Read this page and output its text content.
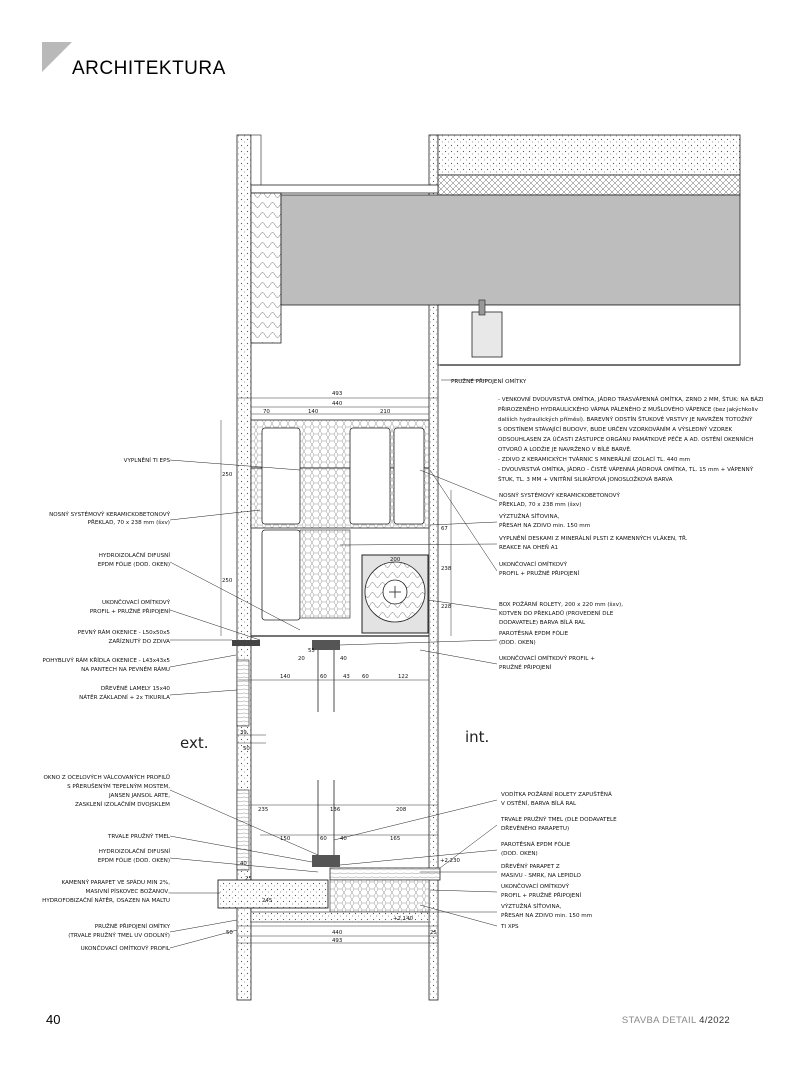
ARCHITEKTURA
ext.	int.
493
440
70	140	210
250
250
67
238
200
228
20
55
40
140	60	43 60	122
39
50
235	136	208
150	60 40	165
+2,230
+2,140
245
40
25
50	440
493
25
VYPLNĚNÍ TI EPS
NOSNÝ SYSTÉMOVÝ KERAMICKOBETONOVÝ
PŘEKLAD, 70 x 238 mm (šxv)
HYDROIZOLAČNÍ DIFUSNÍ
EPDM FÓLIE (DOD. OKEN)
UKONČOVACÍ OMÍTKOVÝ
PROFIL + PRUŽNÉ PŘIPOJENÍ
PEVNÝ RÁM OKENICE - L50x50x5
ZAŘÍZNUTÝ DO ZDIVA
POHYBLIVÝ RÁM KŘÍDLA OKENICE - L43x43x5
NA PANTECH NA PEVNÉM RÁMU
DŘEVĚNÉ LAMELY 15x40
NÁTĚR ZÁKLADNÍ + 2x TIKURILA
OKNO Z OCELOVÝCH VÁLCOVANÝCH PROFILŮ
S PŘERUŠENÝM TEPELNÝM MOSTEM,
JANSEN JANSOL ARTE,
ZASKLENÍ IZOLAČNÍM DVOJSKLEM
TRVALE PRUŽNÝ TMEL
HYDROIZOLAČNÍ DIFUSNÍ
EPDM FÓLIE (DOD. OKEN)
KAMENNÝ PARAPET VE SPÁDU MIN 2%,
MASIVNÍ PÍSKOVEC BOŽANOV,
HYDROFOBIZAČNÍ NÁTĚR, OSAZEN NA MALTU
PRUŽNÉ PŘIPOJENÍ OMÍTKY
(TRVALE PRUŽNÝ TMEL UV ODOLNÝ)
UKONČOVACÍ OMÍTKOVÝ PROFIL
PRUŽNÉ PŘIPOJENÍ OMÍTKY
- VENKOVNÍ DVOUVRSTVÁ OMÍTKA, JÁDRO TRASVÁPENNÁ OMÍTKA, ZRNO 2 MM, ŠTUK: NA BÁZI
PŘIROZENĚHO HYDRAULICKÉHO VÁPNA PÁLENÉHO Z MUŠLOVÉHO VÁPENCE (bez jakýchkoliv
dalších hydraulických příměsí). BAREVNÝ ODSTÍN ŠTUKOVÉ VRSTVY JE NAVRŽEN TOTOŽNÝ
S ODSTÍNEM STÁVAJÍCÍ BUDOVY, BUDE URČEN VZORKOVÁNÍM A VÝSLEDNÝ VZOREK
ODSOUHLASEN ZA ÚČASTI ZÁSTUPCE ORGÁNU PAMÁTKOVÉ PÉČE A AD. OSTĚNÍ OKENNÍCH
OTVORŮ A LODŽIE JE NAVRŽENO V BÍLÉ BARVĚ.
- ZDIVO Z KERAMICKÝCH TVÁRNIC S MINERÁLNÍ IZOLACÍ TL. 440 mm
- DVOUVRSTVÁ OMÍTKA, JÁDRO - ČISTĚ VÁPENNÁ JÁDROVÁ OMÍTKA, TL. 15 mm + VÁPENNÝ
ŠTUK, TL. 3 MM + VNITŘNÍ SILIKÁTOVÁ JONOSLOŽKOVÁ BARVA
NOSNÝ SYSTÉMOVÝ KERAMICKOBETONOVÝ
PŘEKLAD, 70 x 238 mm (šxv)
VÝZTUŽNÁ SÍŤOVINA,
PŘESAH NA ZDIVO min. 150 mm
VYPLNĚNÍ DESKAMI Z MINERÁLNÍ PLSTI Z KAMENNÝCH VLÁKEN, TŘ.
REAKCE NA OHEŇ A1
UKONČOVACÍ OMÍTKOVÝ
PROFIL + PRUŽNÉ PŘIPOJENÍ
BOX POŽÁRNÍ ROLETY, 200 x 220 mm (šxv),
KOTVEN DO PŘEKLADŮ (PROVEDENÍ DLE
DODAVATELE) BARVA BÍLÁ RAL
PAROTĚSNÁ EPDM FÓLIE
(DOD. OKEN)
UKONČOVACÍ OMÍTKOVÝ PROFIL +
PRUŽNÉ PŘIPOJENÍ
VODÍTKA POŽÁRNÍ ROLETY ZAPUŠTĚNÁ
V OSTĚNÍ, BARVA BÍLÁ RAL
TRVALE PRUŽNÝ TMEL (DLE DODAVATELE
DŘEVĚNÉHO PARAPETU)
PAROTĚSNÁ EPDM FÓLIE
(DOD. OKEN)
DŘEVĚNÝ PARAPET Z
MASIVU - SMRK, NA LEPIDLO
UKONČOVACÍ OMÍTKOVÝ
PROFIL + PRUŽNÉ PŘIPOJENÍ
VÝZTUŽNÁ SÍŤOVINA,
PŘESAH NA ZDIVO min. 150 mm
TI XPS
40	STAVBA DETAIL 4/2022
